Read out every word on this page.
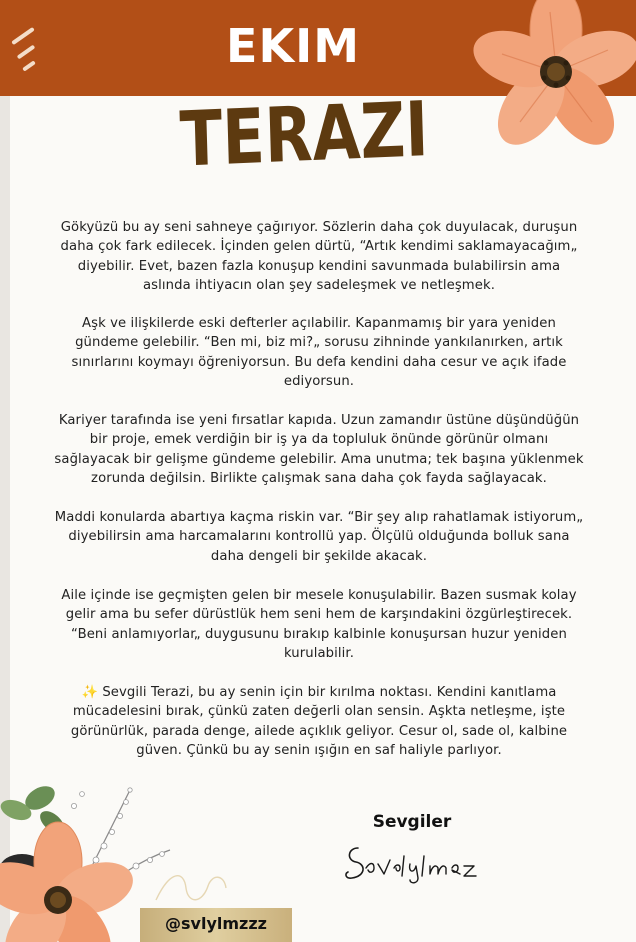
EKIM
TERAZI

Gökyüzü bu ay seni sahneye çağırıyor. Sözlerin daha çok duyulacak, duruşun
daha çok fark edilecek. İçinden gelen dürtü, “Artık kendimi saklamayacağım„
diyebilir. Evet, bazen fazla konuşup kendini savunmada bulabilirsin ama
aslında ihtiyacın olan şey sadeleşmek ve netleşmek.

Aşk ve ilişkilerde eski defterler açılabilir. Kapanmamış bir yara yeniden
gündeme gelebilir. “Ben mi, biz mi?„ sorusu zihninde yankılanırken, artık
sınırlarını koymayı öğreniyorsun. Bu defa kendini daha cesur ve açık ifade
ediyorsun.

Kariyer tarafında ise yeni fırsatlar kapıda. Uzun zamandır üstüne düşündüğün
bir proje, emek verdiğin bir iş ya da topluluk önünde görünür olmanı
sağlayacak bir gelişme gündeme gelebilir. Ama unutma; tek başına yüklenmek
zorunda değilsin. Birlikte çalışmak sana daha çok fayda sağlayacak.

Maddi konularda abartıya kaçma riskin var. “Bir şey alıp rahatlamak istiyorum„
diyebilirsin ama harcamalarını kontrollü yap. Ölçülü olduğunda bolluk sana
daha dengeli bir şekilde akacak.

Aile içinde ise geçmişten gelen bir mesele konuşulabilir. Bazen susmak kolay
gelir ama bu sefer dürüstlük hem seni hem de karşındakini özgürleştirecek.
“Beni anlamıyorlar„ duygusunu bırakıp kalbinle konuşursan huzur yeniden
kurulabilir.

✨ Sevgili Terazi, bu ay senin için bir kırılma noktası. Kendini kanıtlama
mücadelesini bırak, çünkü zaten değerli olan sensin. Aşkta netleşme, işte
görünürlük, parada denge, ailede açıklık geliyor. Cesur ol, sade ol, kalbine
güven. Çünkü bu ay senin ışığın en saf haliyle parlıyor.

Sevgiler
@svlylmzzz
